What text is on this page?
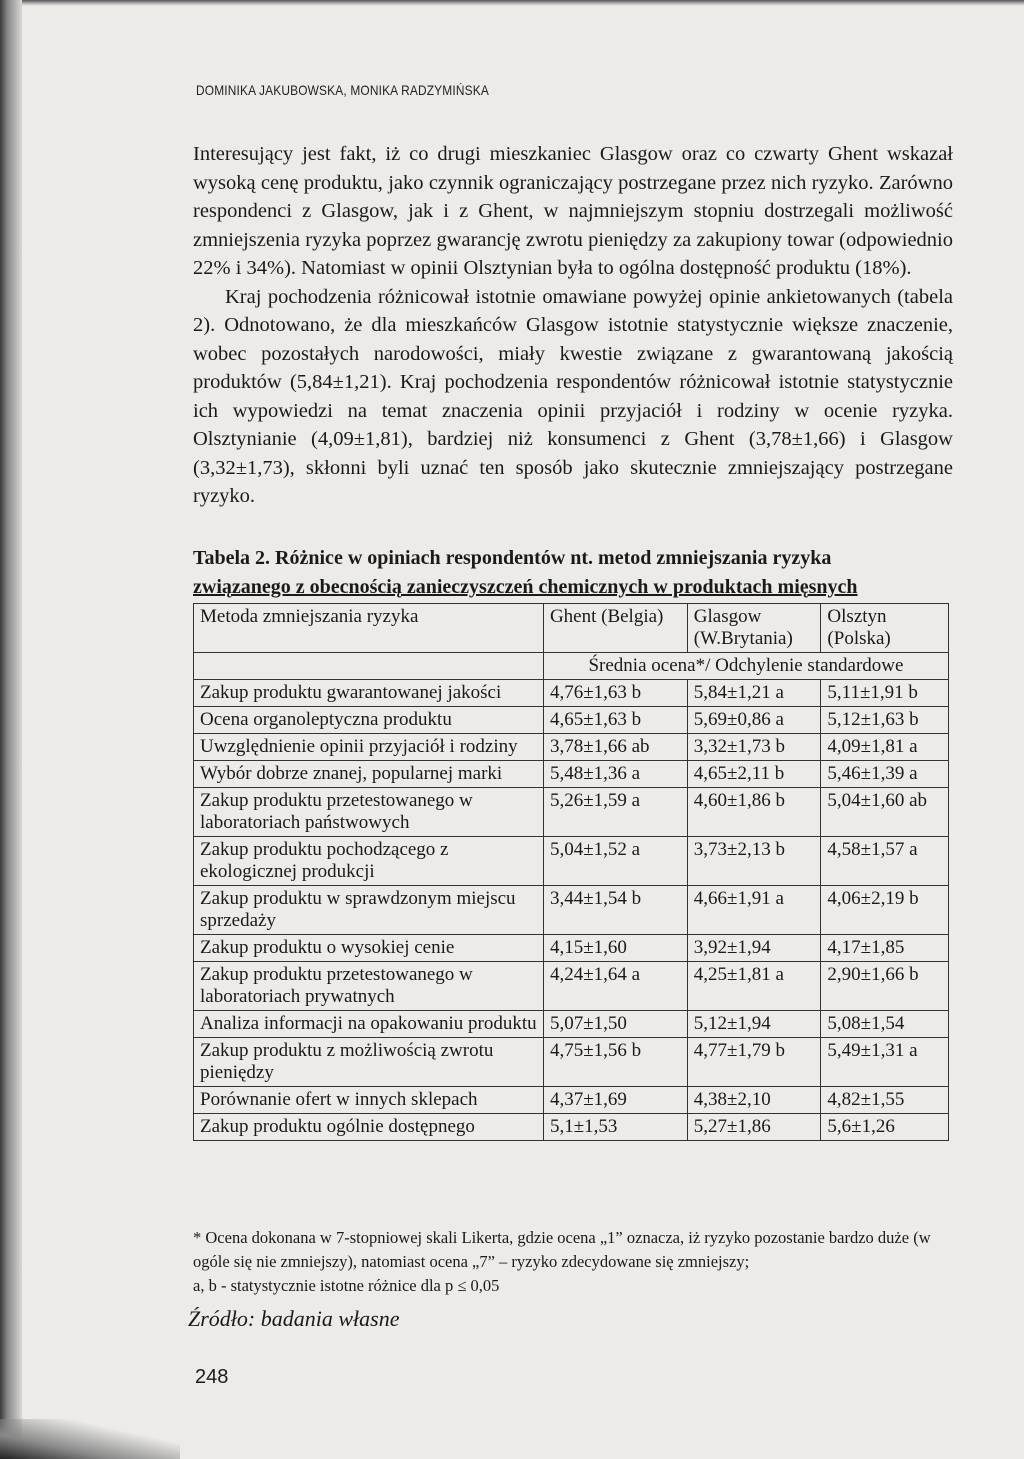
DOMINIKA JAKUBOWSKA, MONIKA RADZYMIŃSKA

Interesujący jest fakt, iż co drugi mieszkaniec Glasgow oraz co czwarty Ghent wskazał wysoką cenę produktu, jako czynnik ograniczający postrzegane przez nich ryzyko. Zarówno respondenci z Glasgow, jak i z Ghent, w najmniejszym stopniu dostrzegali możliwość zmniejszenia ryzyka poprzez gwarancję zwrotu pieniędzy za zakupiony towar (odpowiednio 22% i 34%). Natomiast w opinii Olsztynian była to ogólna dostępność produktu (18%).

Kraj pochodzenia różnicował istotnie omawiane powyżej opinie ankietowanych (tabela 2). Odnotowano, że dla mieszkańców Glasgow istotnie statystycznie większe znaczenie, wobec pozostałych narodowości, miały kwestie związane z gwarantowaną jakością produktów (5,84±1,21). Kraj pochodzenia respondentów różnicował istotnie statystycznie ich wypowiedzi na temat znaczenia opinii przyjaciół i rodziny w ocenie ryzyka. Olsztynianie (4,09±1,81), bardziej niż konsumenci z Ghent (3,78±1,66) i Glasgow (3,32±1,73), skłonni byli uznać ten sposób jako skutecznie zmniejszający postrzegane ryzyko.

Tabela 2. Różnice w opiniach respondentów nt. metod zmniejszania ryzyka
związanego z obecnością zanieczyszczeń chemicznych w produktach mięsnych
Metoda zmniejszania ryzyka	Ghent (Belgia)	Glasgow (W.Brytania)	Olsztyn (Polska)
	Średnia ocena*/ Odchylenie standardowe		
Zakup produktu gwarantowanej jakości	4,76±1,63 b	5,84±1,21 a	5,11±1,91 b
Ocena organoleptyczna produktu	4,65±1,63 b	5,69±0,86 a	5,12±1,63 b
Uwzględnienie opinii przyjaciół i rodziny	3,78±1,66 ab	3,32±1,73 b	4,09±1,81 a
Wybór dobrze znanej, popularnej marki	5,48±1,36 a	4,65±2,11 b	5,46±1,39 a
Zakup produktu przetestowanego w laboratoriach państwowych	5,26±1,59 a	4,60±1,86 b	5,04±1,60 ab
Zakup produktu pochodzącego z ekologicznej produkcji	5,04±1,52 a	3,73±2,13 b	4,58±1,57 a
Zakup produktu w sprawdzonym miejscu sprzedaży	3,44±1,54 b	4,66±1,91 a	4,06±2,19 b
Zakup produktu o wysokiej cenie	4,15±1,60	3,92±1,94	4,17±1,85
Zakup produktu przetestowanego w laboratoriach prywatnych	4,24±1,64 a	4,25±1,81 a	2,90±1,66 b
Analiza informacji na opakowaniu produktu	5,07±1,50	5,12±1,94	5,08±1,54
Zakup produktu z możliwością zwrotu pieniędzy	4,75±1,56 b	4,77±1,79 b	5,49±1,31 a
Porównanie ofert w innych sklepach	4,37±1,69	4,38±2,10	4,82±1,55
Zakup produktu ogólnie dostępnego	5,1±1,53	5,27±1,86	5,6±1,26

* Ocena dokonana w 7-stopniowej skali Likerta, gdzie ocena „1” oznacza, iż ryzyko pozostanie bardzo duże (w ogóle się nie zmniejszy), natomiast ocena „7” – ryzyko zdecydowane się zmniejszy;

a, b - statystycznie istotne różnice dla p ≤ 0,05

Źródło: badania własne
248
